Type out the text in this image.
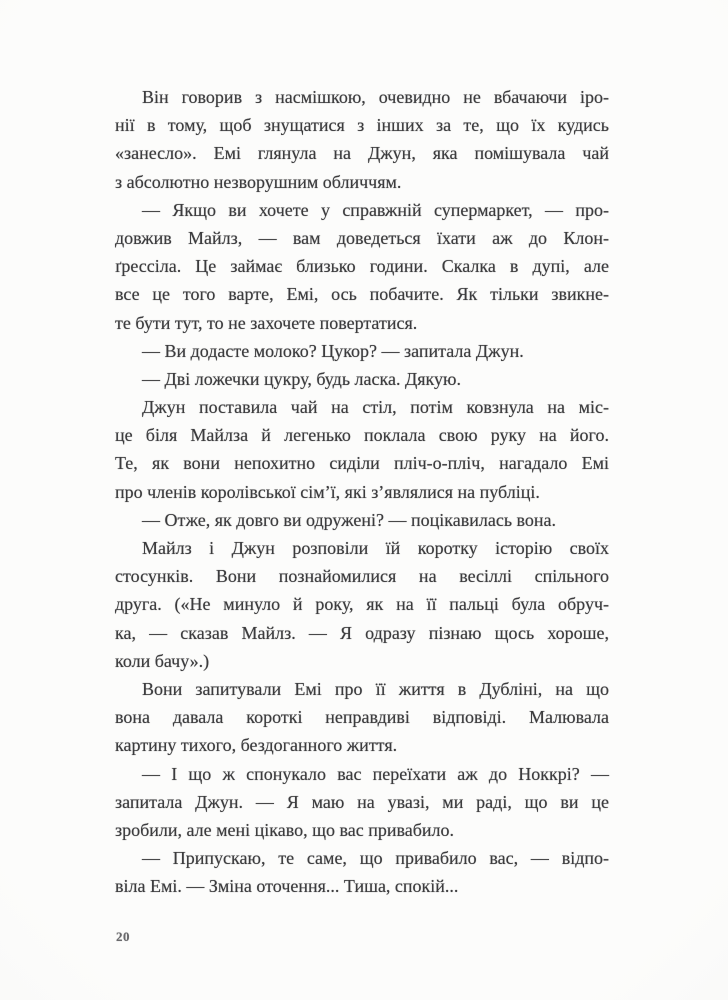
Він говорив з насмішкою, очевидно не вбачаючи іро-
нії в тому, щоб знущатися з інших за те, що їх кудись
«занесло». Емі глянула на Джун, яка помішувала чай
з абсолютно незворушним обличчям.
— Якщо ви хочете у справжній супермаркет, — про-
довжив Майлз, — вам доведеться їхати аж до Клон-
ґрессіла. Це займає близько години. Скалка в дупі, але
все це того варте, Емі, ось побачите. Як тільки звикне-
те бути тут, то не захочете повертатися.
— Ви додасте молоко? Цукор? — запитала Джун.
— Дві ложечки цукру, будь ласка. Дякую.
Джун поставила чай на стіл, потім ковзнула на міс-
це біля Майлза й легенько поклала свою руку на його.
Те, як вони непохитно сиділи пліч-о-пліч, нагадало Емі
про членів королівської сім’ї, які з’являлися на публіці.
— Отже, як довго ви одружені? — поцікавилась вона.
Майлз і Джун розповіли їй коротку історію своїх
стосунків. Вони познайомилися на весіллі спільного
друга. («Не минуло й року, як на її пальці була обруч-
ка, — сказав Майлз. — Я одразу пізнаю щось хороше,
коли бачу».)
Вони запитували Емі про її життя в Дубліні, на що
вона давала короткі неправдиві відповіді. Малювала
картину тихого, бездоганного життя.
— І що ж спонукало вас переїхати аж до Ноккрі? —
запитала Джун. — Я маю на увазі, ми раді, що ви це
зробили, але мені цікаво, що вас привабило.
— Припускаю, те саме, що привабило вас, — відпо-
віла Емі. — Зміна оточення... Тиша, спокій...
20
